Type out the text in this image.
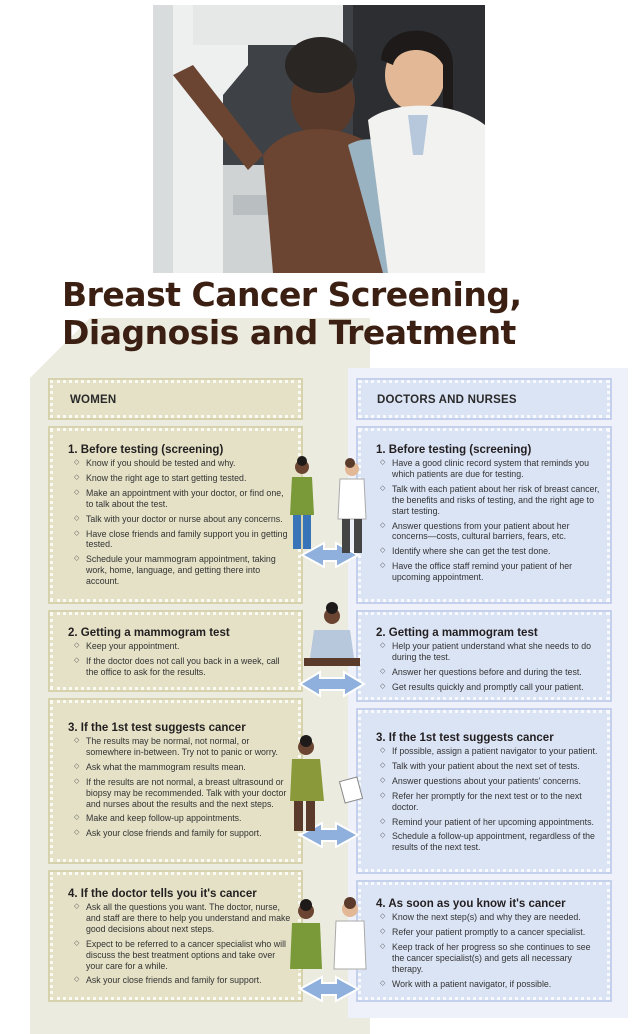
Breast Cancer Screening,
Diagnosis and Treatment
WOMEN	DOCTORS AND NURSES
1. Before testing (screening)
◇ Know if you should be tested and why.
◇ Know the right age to start getting tested.
◇ Make an appointment with your doctor, or find one, to talk about the test.
◇ Talk with your doctor or nurse about any concerns.
◇ Have close friends and family support you in getting tested.
◇ Schedule your mammogram appointment, taking work, home, language, and getting there into account.
2. Getting a mammogram test
◇ Keep your appointment.
◇ If the doctor does not call you back in a week, call the office to ask for the results.
3. If the 1st test suggests cancer
◇ The results may be normal, not normal, or somewhere in-between. Try not to panic or worry.
◇ Ask what the mammogram results mean.
◇ If the results are not normal, a breast ultrasound or biopsy may be recommended. Talk with your doctor and nurses about the results and the next steps.
◇ Make and keep follow-up appointments.
◇ Ask your close friends and family for support.
4. If the doctor tells you it's cancer
◇ Ask all the questions you want. The doctor, nurse, and staff are there to help you understand and make good decisions about next steps.
◇ Expect to be referred to a cancer specialist who will discuss the best treatment options and take over your care for a while.
◇ Ask your close friends and family for support.
1. Before testing (screening)
◇ Have a good clinic record system that reminds you which patients are due for testing.
◇ Talk with each patient about her risk of breast cancer, the benefits and risks of testing, and the right age to start testing.
◇ Answer questions from your patient about her concerns—costs, cultural barriers, fears, etc.
◇ Identify where she can get the test done.
◇ Have the office staff remind your patient of her upcoming appointment.
2. Getting a mammogram test
◇ Help your patient understand what she needs to do during the test.
◇ Answer her questions before and during the test.
◇ Get results quickly and promptly call your patient.
3. If the 1st test suggests cancer
◇ If possible, assign a patient navigator to your patient.
◇ Talk with your patient about the next set of tests.
◇ Answer questions about your patients' concerns.
◇ Refer her promptly for the next test or to the next doctor.
◇ Remind your patient of her upcoming appointments.
◇ Schedule a follow-up appointment, regardless of the results of the next test.
4. As soon as you know it's cancer
◇ Know the next step(s) and why they are needed.
◇ Refer your patient promptly to a cancer specialist.
◇ Keep track of her progress so she continues to see the cancer specialist(s) and gets all necessary therapy.
◇ Work with a patient navigator, if possible.
